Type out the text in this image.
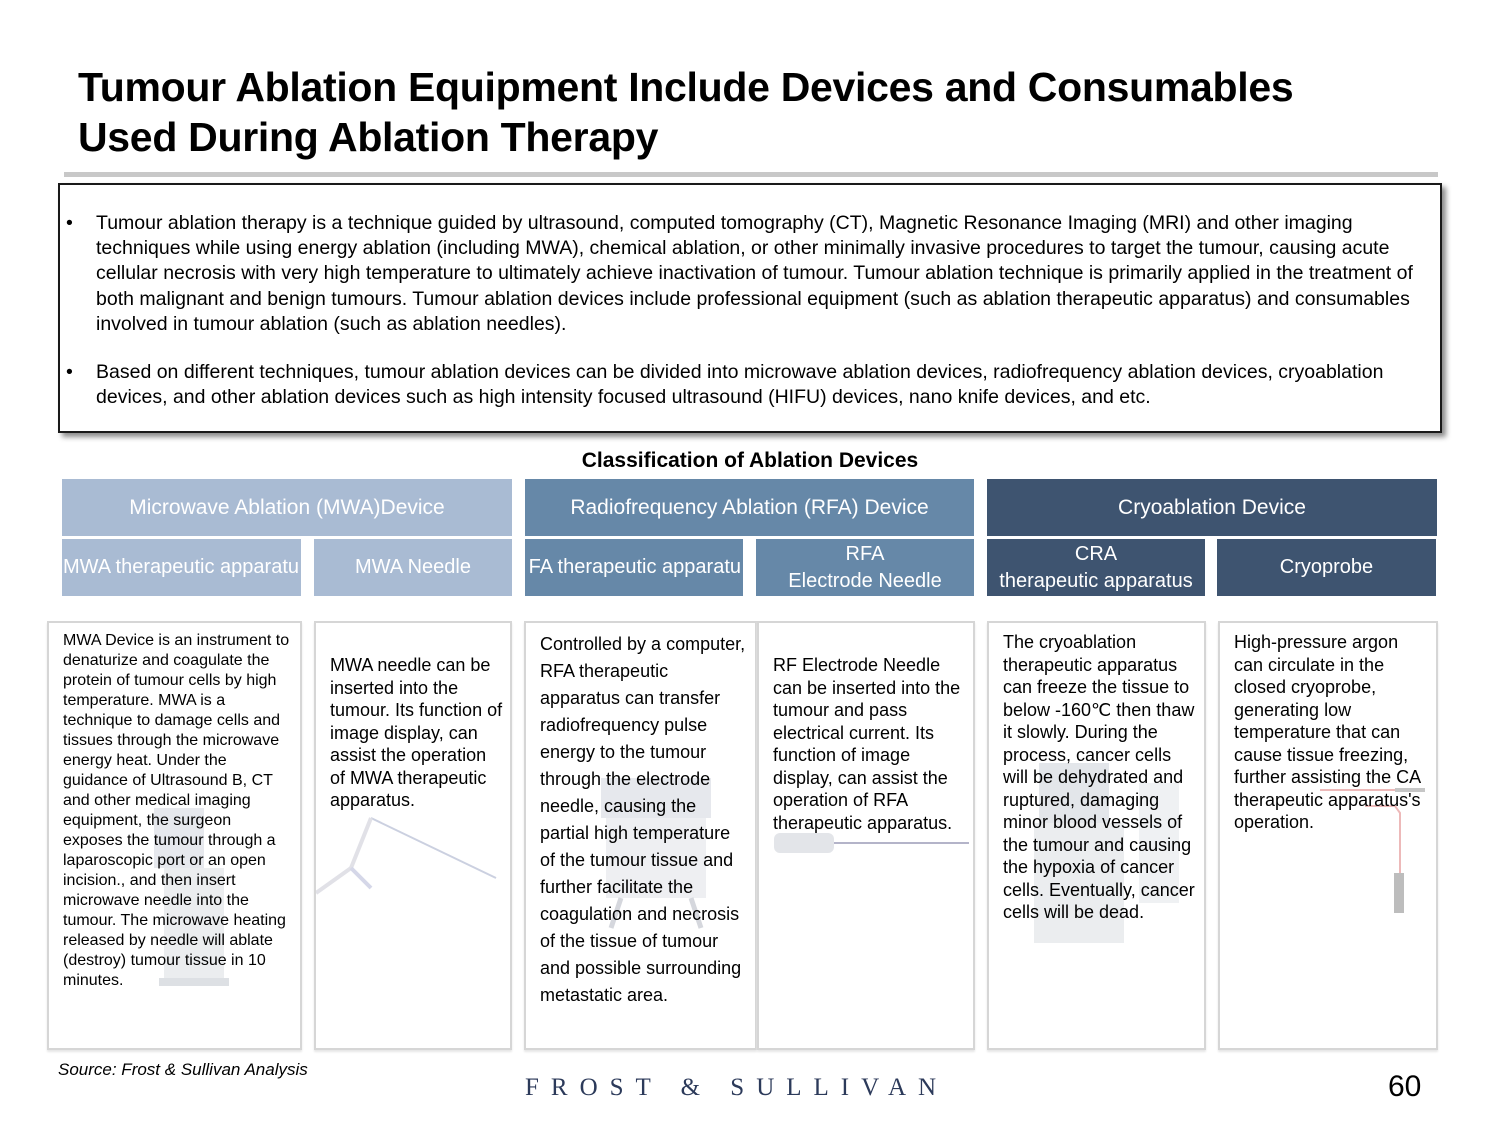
Tumour Ablation Equipment Include Devices and Consumables
Used During Ablation Therapy
• Tumour ablation therapy is a technique guided by ultrasound, computed tomography (CT), Magnetic Resonance Imaging (MRI) and other imaging techniques while using energy ablation (including MWA), chemical ablation, or other minimally invasive procedures to target the tumour, causing acute cellular necrosis with very high temperature to ultimately achieve inactivation of tumour. Tumour ablation technique is primarily applied in the treatment of both malignant and benign tumours. Tumour ablation devices include professional equipment (such as ablation therapeutic apparatus) and consumables involved in tumour ablation (such as ablation needles).
• Based on different techniques, tumour ablation devices can be divided into microwave ablation devices, radiofrequency ablation devices, cryoablation devices, and other ablation devices such as high intensity focused ultrasound (HIFU) devices, nano knife devices, and etc.
Classification of Ablation Devices
Microwave Ablation (MWA)Device	Radiofrequency Ablation (RFA) Device	Cryoablation Device
MWA therapeutic apparatu	MWA Needle	FA therapeutic apparatu
RFA
Electrode Needle
CRA
therapeutic apparatus
Cryoprobe
MWA Device is an instrument to denaturize and coagulate the protein of tumour cells by high temperature. MWA is a technique to damage cells and tissues through the microwave energy heat. Under the guidance of Ultrasound B, CT and other medical imaging equipment, the surgeon exposes the tumour through a laparoscopic port or an open incision., and then insert microwave needle into the tumour. The microwave heating released by needle will ablate (destroy) tumour tissue in 10 minutes.
MWA needle can be inserted into the tumour. Its function of image display, can assist the operation of MWA therapeutic apparatus.
Controlled by a computer, RFA therapeutic apparatus can transfer radiofrequency pulse energy to the tumour through the electrode needle, causing the partial high temperature of the tumour tissue and further facilitate the coagulation and necrosis of the tissue of tumour and possible surrounding metastatic area.
RF Electrode Needle can be inserted into the tumour and pass electrical current. Its function of image display, can assist the operation of RFA therapeutic apparatus.
The cryoablation therapeutic apparatus can freeze the tissue to below -160℃ then thaw it slowly. During the process, cancer cells will be dehydrated and ruptured, damaging minor blood vessels of the tumour and causing the hypoxia of cancer cells. Eventually, cancer cells will be dead.
High-pressure argon can circulate in the closed cryoprobe, generating low temperature that can cause tissue freezing, further assisting the CA therapeutic apparatus's operation.
Source: Frost & Sullivan Analysis
FROST & SULLIVAN	60
